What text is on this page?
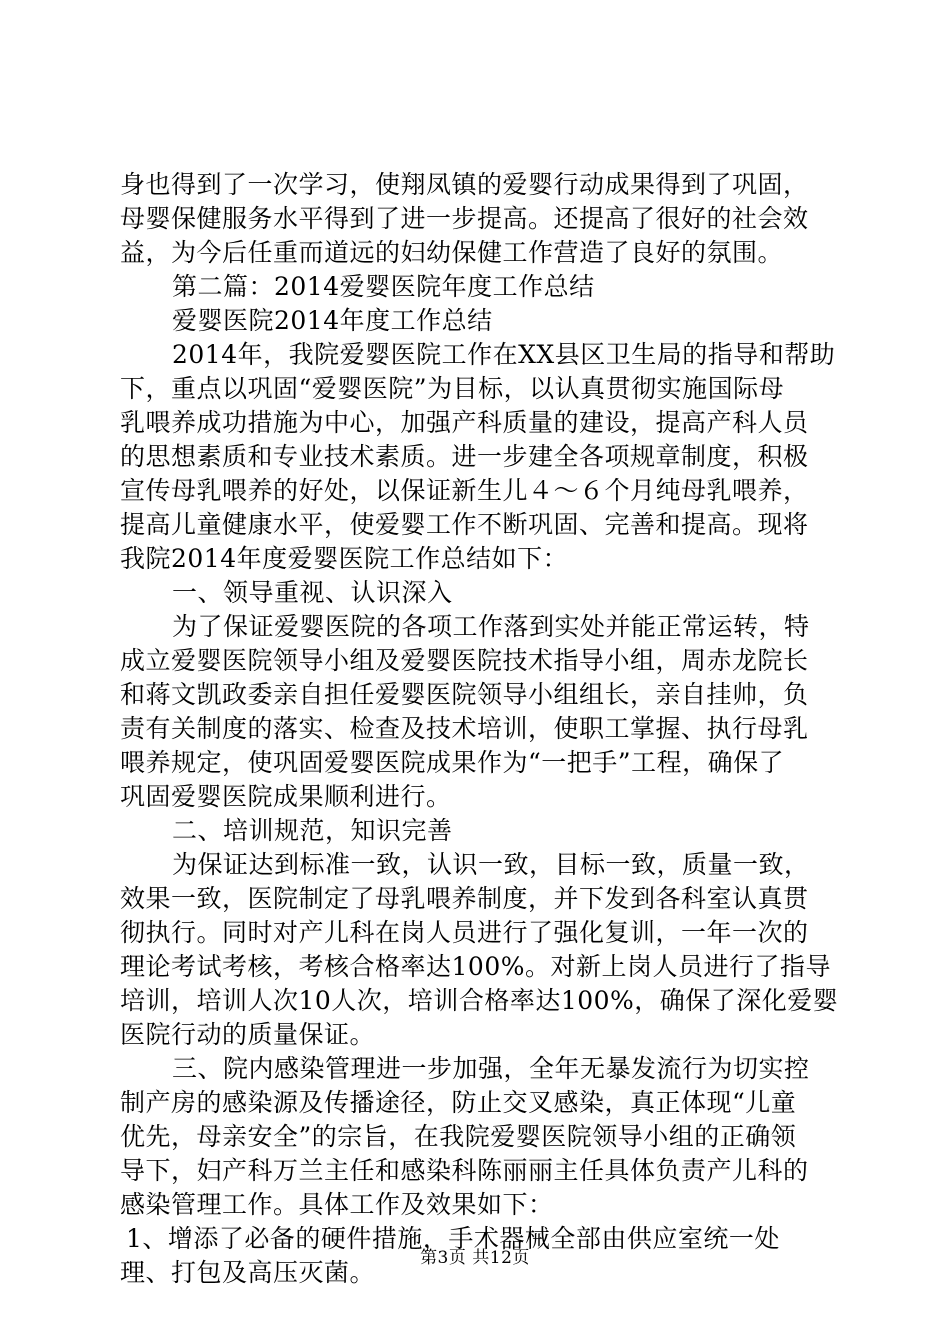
身也得到了一次学习，使翔凤镇的爱婴行动成果得到了巩固，
母婴保健服务水平得到了进一步提高。还提高了很好的社会效
益，为今后任重而道远的妇幼保健工作营造了良好的氛围。
第二篇：2014爱婴医院年度工作总结
爱婴医院2014年度工作总结
2014年，我院爱婴医院工作在XX县区卫生局的指导和帮助
下，重点以巩固“爱婴医院”为目标，以认真贯彻实施国际母
乳喂养成功措施为中心，加强产科质量的建设，提高产科人员
的思想素质和专业技术素质。进一步建全各项规章制度，积极
宣传母乳喂养的好处，以保证新生儿４～６个月纯母乳喂养，
提高儿童健康水平，使爱婴工作不断巩固、完善和提高。现将
我院2014年度爱婴医院工作总结如下：
一、领导重视、认识深入
为了保证爱婴医院的各项工作落到实处并能正常运转，特
成立爱婴医院领导小组及爱婴医院技术指导小组，周赤龙院长
和蒋文凯政委亲自担任爱婴医院领导小组组长，亲自挂帅，负
责有关制度的落实、检查及技术培训，使职工掌握、执行母乳
喂养规定，使巩固爱婴医院成果作为“一把手”工程，确保了
巩固爱婴医院成果顺利进行。
二、培训规范，知识完善
为保证达到标准一致，认识一致，目标一致，质量一致，
效果一致，医院制定了母乳喂养制度，并下发到各科室认真贯
彻执行。同时对产儿科在岗人员进行了强化复训，一年一次的
理论考试考核，考核合格率达100%。对新上岗人员进行了指导
培训，培训人次10人次，培训合格率达100%，确保了深化爱婴
医院行动的质量保证。
三、院内感染管理进一步加强，全年无暴发流行为切实控
制产房的感染源及传播途径，防止交叉感染，真正体现“儿童
优先，母亲安全”的宗旨，在我院爱婴医院领导小组的正确领
导下，妇产科万兰主任和感染科陈丽丽主任具体负责产儿科的
感染管理工作。具体工作及效果如下：
1、增添了必备的硬件措施，手术器械全部由供应室统一处
理、打包及高压灭菌。	第3页 共12页
